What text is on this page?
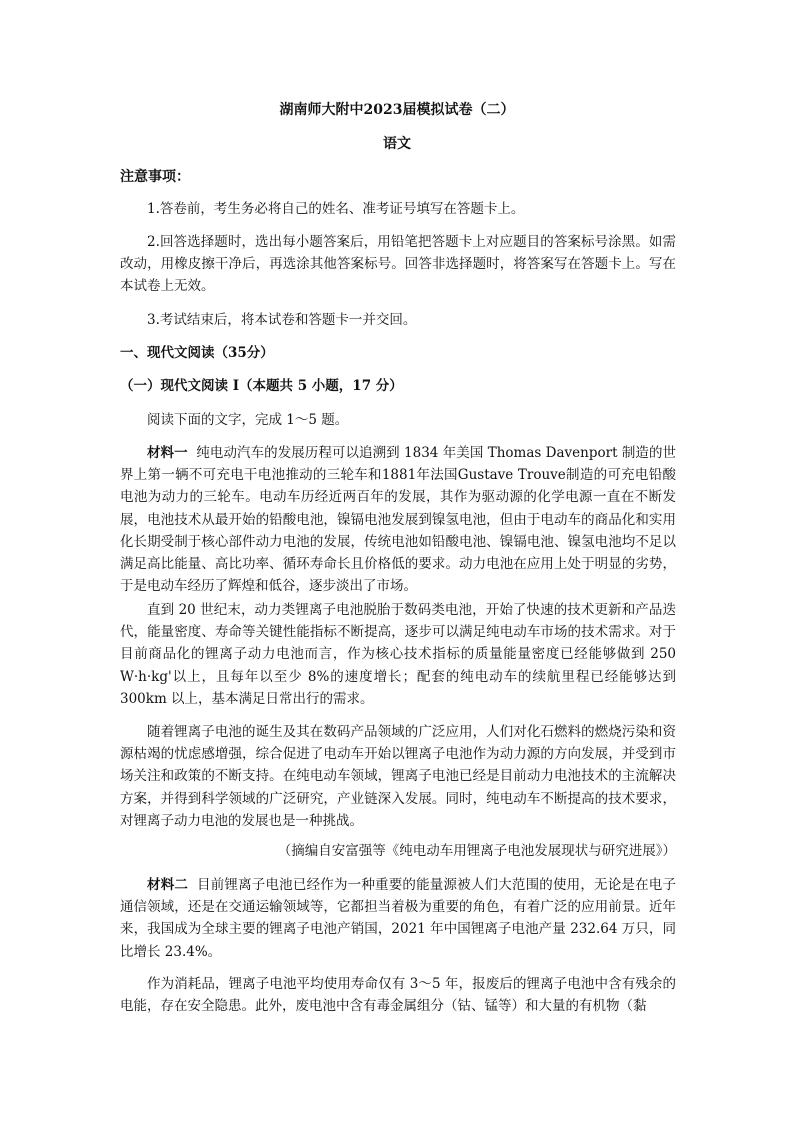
湖南师大附中2023届模拟试卷（二）
语文
注意事项：
1.答卷前，考生务必将自己的姓名、准考证号填写在答题卡上。
2.回答选择题时，选出每小题答案后，用铅笔把答题卡上对应题目的答案标号涂黑。如需改动，用橡皮擦干净后，再选涂其他答案标号。回答非选择题时，将答案写在答题卡上。写在本试卷上无效。
3.考试结束后，将本试卷和答题卡一并交回。
一、现代文阅读（35分）
（一）现代文阅读 I（本题共 5 小题，17 分）
阅读下面的文字，完成 1～5 题。
材料一 纯电动汽车的发展历程可以追溯到 1834 年美国 Thomas Davenport 制造的世界上第一辆不可充电干电池推动的三轮车和1881年法国Gustave Trouve制造的可充电铅酸电池为动力的三轮车。电动车历经近两百年的发展，其作为驱动源的化学电源一直在不断发展，电池技术从最开始的铅酸电池，镍镉电池发展到镍氢电池，但由于电动车的商品化和实用化长期受制于核心部件动力电池的发展，传统电池如铅酸电池、镍镉电池、镍氢电池均不足以满足高比能量、高比功率、循环寿命长且价格低的要求。动力电池在应用上处于明显的劣势，于是电动车经历了辉煌和低谷，逐步淡出了市场。
直到 20 世纪末，动力类锂离子电池脱胎于数码类电池，开始了快速的技术更新和产品迭代，能量密度、寿命等关键性能指标不断提高，逐步可以满足纯电动车市场的技术需求。对于目前商品化的锂离子动力电池而言，作为核心技术指标的质量能量密度已经能够做到 250 W·h·kg'以上，且每年以至少 8%的速度增长；配套的纯电动车的续航里程已经能够达到 300km 以上，基本满足日常出行的需求。
随着锂离子电池的诞生及其在数码产品领域的广泛应用，人们对化石燃料的燃烧污染和资源枯竭的忧虑感增强，综合促进了电动车开始以锂离子电池作为动力源的方向发展，并受到市场关注和政策的不断支持。在纯电动车领域，锂离子电池已经是目前动力电池技术的主流解决方案，并得到科学领域的广泛研究，产业链深入发展。同时，纯电动车不断提高的技术要求，对锂离子动力电池的发展也是一种挑战。
（摘编自安富强等《纯电动车用锂离子电池发展现状与研究进展》）
材料二 目前锂离子电池已经作为一种重要的能量源被人们大范围的使用，无论是在电子通信领域，还是在交通运输领域等，它都担当着极为重要的角色，有着广泛的应用前景。近年来，我国成为全球主要的锂离子电池产销国，2021 年中国锂离子电池产量 232.64 万只，同比增长 23.4%。
作为消耗品，锂离子电池平均使用寿命仅有 3～5 年，报废后的锂离子电池中含有残余的电能，存在安全隐患。此外，废电池中含有毒金属组分（钴、锰等）和大量的有机物（黏
